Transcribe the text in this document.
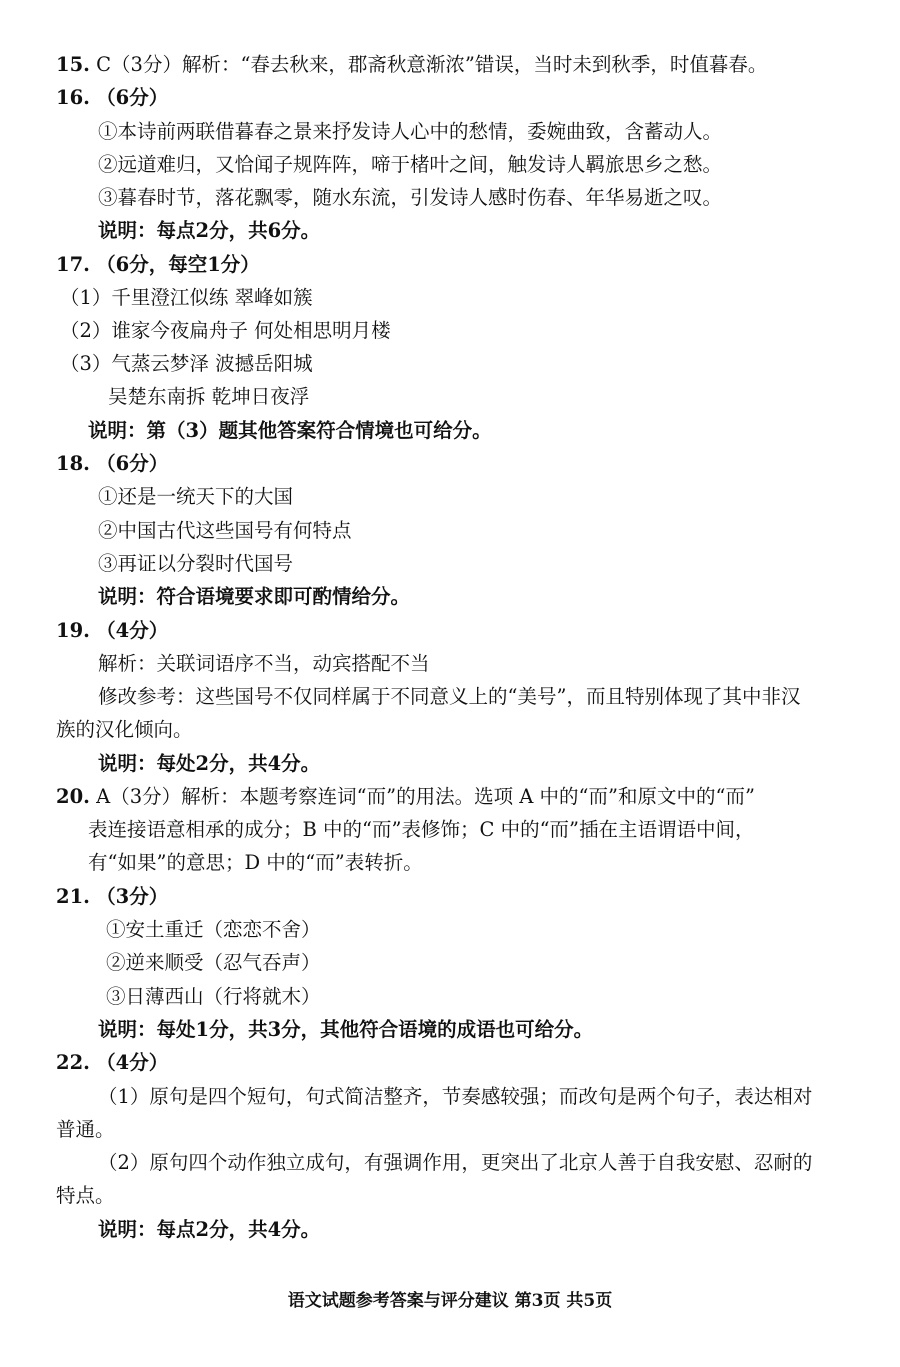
15. C（3分）解析：“春去秋来，郡斋秋意渐浓”错误，当时未到秋季，时值暮春。
16. （6分）
①本诗前两联借暮春之景来抒发诗人心中的愁情，委婉曲致，含蓄动人。
②远道难归，又恰闻子规阵阵，啼于楮叶之间，触发诗人羁旅思乡之愁。
③暮春时节，落花飘零，随水东流，引发诗人感时伤春、年华易逝之叹。
说明：每点2分，共6分。
17. （6分，每空1分）
（1）千里澄江似练 翠峰如簇
（2）谁家今夜扁舟子 何处相思明月楼
（3）气蒸云梦泽 波撼岳阳城
吴楚东南拆 乾坤日夜浮
说明：第（3）题其他答案符合情境也可给分。
18. （6分）
①还是一统天下的大国
②中国古代这些国号有何特点
③再证以分裂时代国号
说明：符合语境要求即可酌情给分。
19. （4分）
解析：关联词语序不当，动宾搭配不当
修改参考：这些国号不仅同样属于不同意义上的“美号”，而且特别体现了其中非汉
族的汉化倾向。
说明：每处2分，共4分。
20. A（3分）解析：本题考察连词“而”的用法。选项 A 中的“而”和原文中的“而”
表连接语意相承的成分；B 中的“而”表修饰；C 中的“而”插在主语谓语中间，
有“如果”的意思；D 中的“而”表转折。
21. （3分）
①安土重迁（恋恋不舍）
②逆来顺受（忍气吞声）
③日薄西山（行将就木）
说明：每处1分，共3分，其他符合语境的成语也可给分。
22. （4分）
（1）原句是四个短句，句式简洁整齐，节奏感较强；而改句是两个句子，表达相对
普通。
（2）原句四个动作独立成句，有强调作用，更突出了北京人善于自我安慰、忍耐的
特点。
说明：每点2分，共4分。
语文试题参考答案与评分建议 第3页 共5页
